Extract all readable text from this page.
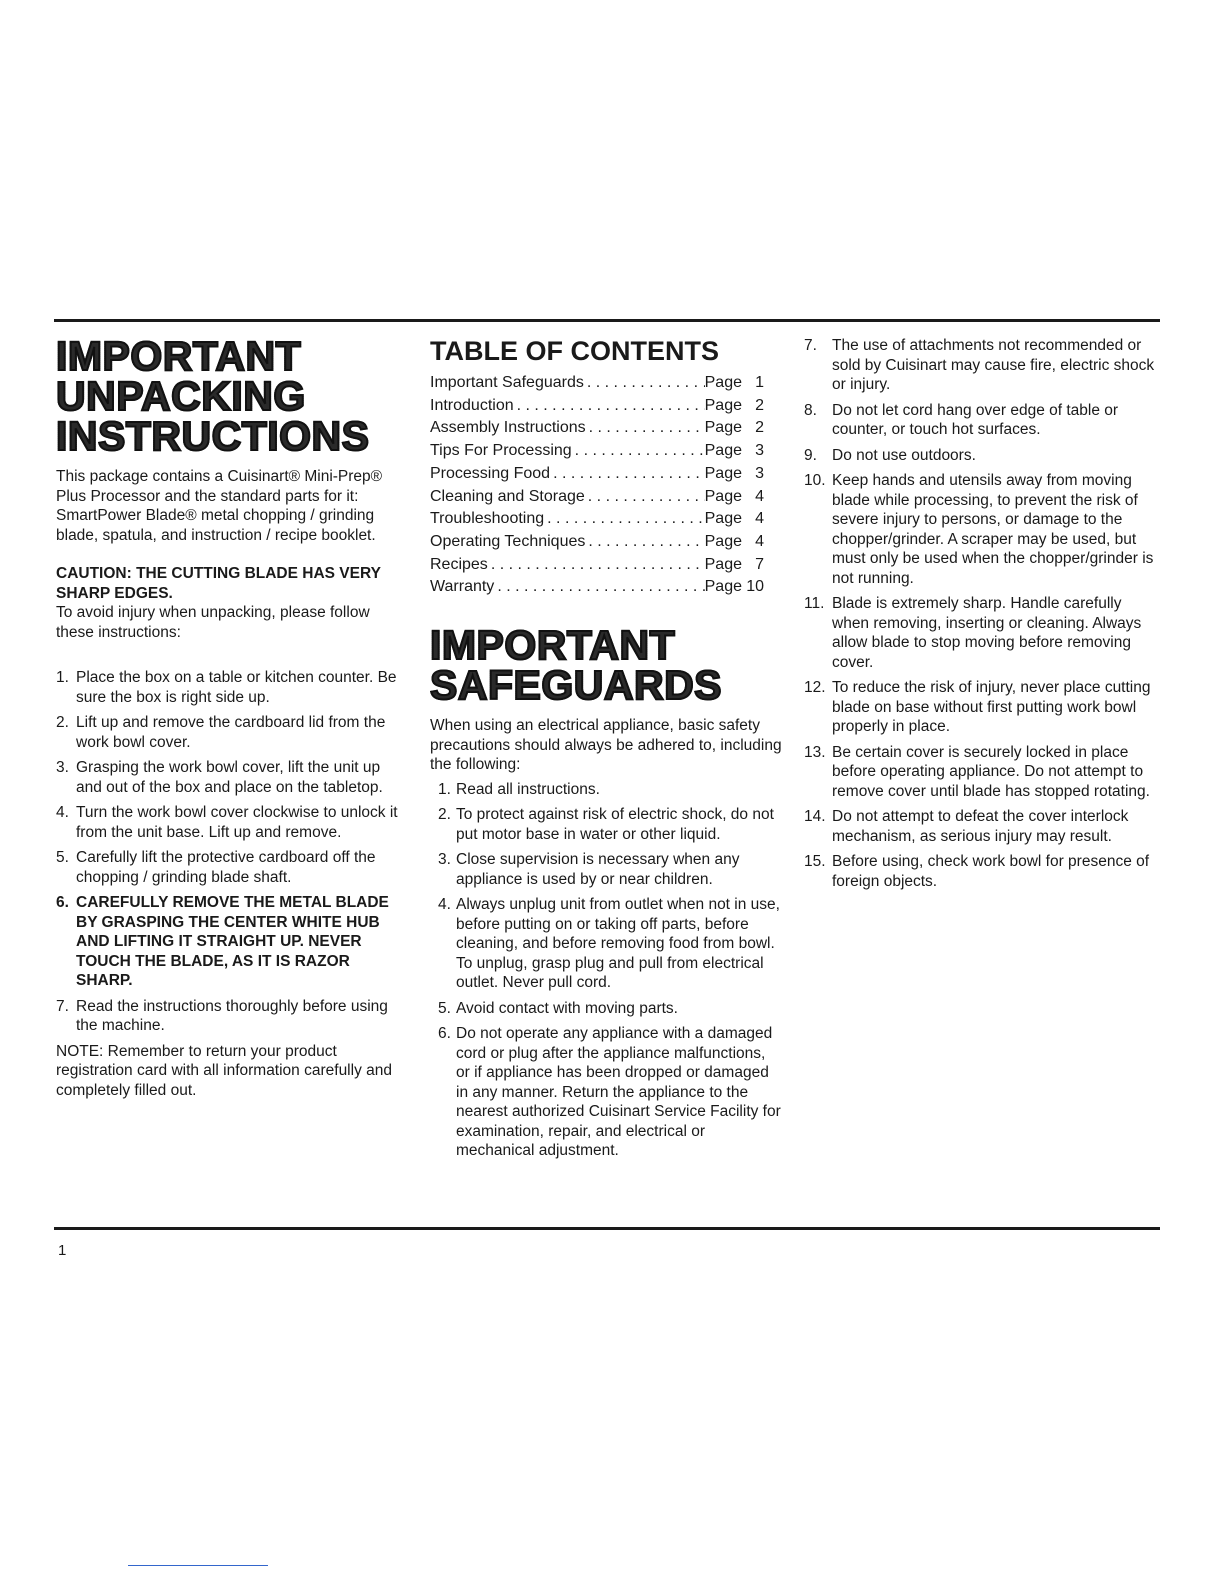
IMPORTANT
UNPACKING
INSTRUCTIONS

This package contains a Cuisinart® Mini-Prep® Plus Processor and the standard parts for it: SmartPower Blade® metal chopping / grinding blade, spatula, and instruction / recipe booklet.

CAUTION: THE CUTTING BLADE HAS VERY SHARP EDGES.

To avoid injury when unpacking, please follow these instructions:

1. Place the box on a table or kitchen counter. Be sure the box is right side up.
2. Lift up and remove the cardboard lid from the work bowl cover.
3. Grasping the work bowl cover, lift the unit up and out of the box and place on the tabletop.
4. Turn the work bowl cover clockwise to unlock it from the unit base. Lift up and remove.
5. Carefully lift the protective cardboard off the chopping / grinding blade shaft.
6. CAREFULLY REMOVE THE METAL BLADE BY GRASPING THE CENTER WHITE HUB AND LIFTING IT STRAIGHT UP. NEVER TOUCH THE BLADE, AS IT IS RAZOR SHARP.
7. Read the instructions thoroughly before using the machine.

NOTE: Remember to return your product registration card with all information carefully and completely filled out.

TABLE OF CONTENTS
Important Safeguards . . .	Page 1
Introduction . . .	Page 2
Assembly Instructions . . .	Page 2
Tips For Processing . . .	Page 3
Processing Food . . .	Page 3
Cleaning and Storage . . .	Page 4
Troubleshooting . . .	Page 4
Operating Techniques . . .	Page 4
Recipes . . .	Page 7
Warranty . . .	Page 10
IMPORTANT
SAFEGUARDS

When using an electrical appliance, basic safety precautions should always be adhered to, including the following:

1. Read all instructions.
2. To protect against risk of electric shock, do not put motor base in water or other liquid.
3. Close supervision is necessary when any appliance is used by or near children.
4. Always unplug unit from outlet when not in use, before putting on or taking off parts, before cleaning, and before removing food from bowl. To unplug, grasp plug and pull from electrical outlet. Never pull cord.
5. Avoid contact with moving parts.
6. Do not operate any appliance with a damaged cord or plug after the appliance malfunctions, or if appliance has been dropped or damaged in any manner. Return the appliance to the nearest authorized Cuisinart Service Facility for examination, repair, and electrical or mechanical adjustment.
7. The use of attachments not recommended or sold by Cuisinart may cause fire, electric shock or injury.
8. Do not let cord hang over edge of table or counter, or touch hot surfaces.
9. Do not use outdoors.
10. Keep hands and utensils away from moving blade while processing, to prevent the risk of severe injury to persons, or damage to the chopper/grinder. A scraper may be used, but must only be used when the chopper/grinder is not running.
11. Blade is extremely sharp. Handle carefully when removing, inserting or cleaning. Always allow blade to stop moving before removing cover.
12. To reduce the risk of injury, never place cutting blade on base without first putting work bowl properly in place.
13. Be certain cover is securely locked in place before operating appliance. Do not attempt to remove cover until blade has stopped rotating.
14. Do not attempt to defeat the cover interlock mechanism, as serious injury may result.
15. Before using, check work bowl for presence of foreign objects.
1
